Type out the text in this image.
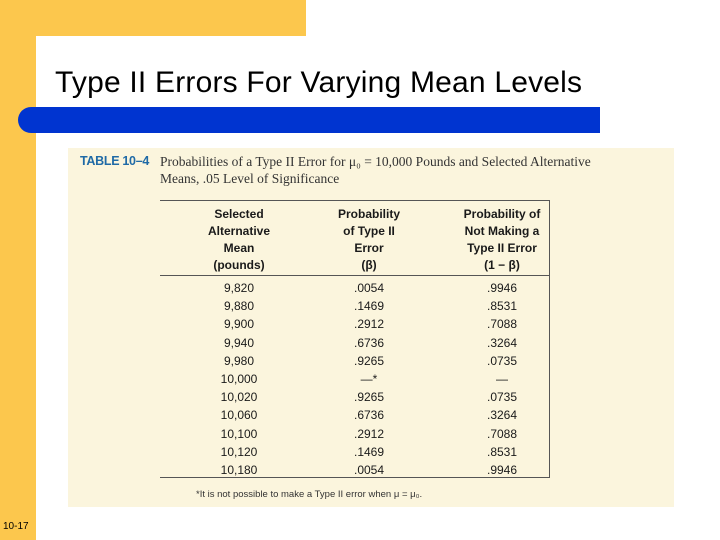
Type II Errors For Varying Mean Levels
TABLE 10–4 Probabilities of a Type II Error for μ₀ = 10,000 Pounds and Selected Alternative
Means, .05 Level of Significance
Selected
Alternative
Mean
(pounds)
Probability
of Type II
Error
(β)
Probability of
Not Making a
Type II Error
(1 − β)
9,820
9,880
9,900
9,940
9,980
10,000
10,020
10,060
10,100
10,120
10,180
.0054
.1469
.2912
.6736
.9265
—*
.9265
.6736
.2912
.1469
.0054
.9946
.8531
.7088
.3264
.0735
—
.0735
.3264
.7088
.8531
.9946
*It is not possible to make a Type II error when μ = μ₀.
10-17
